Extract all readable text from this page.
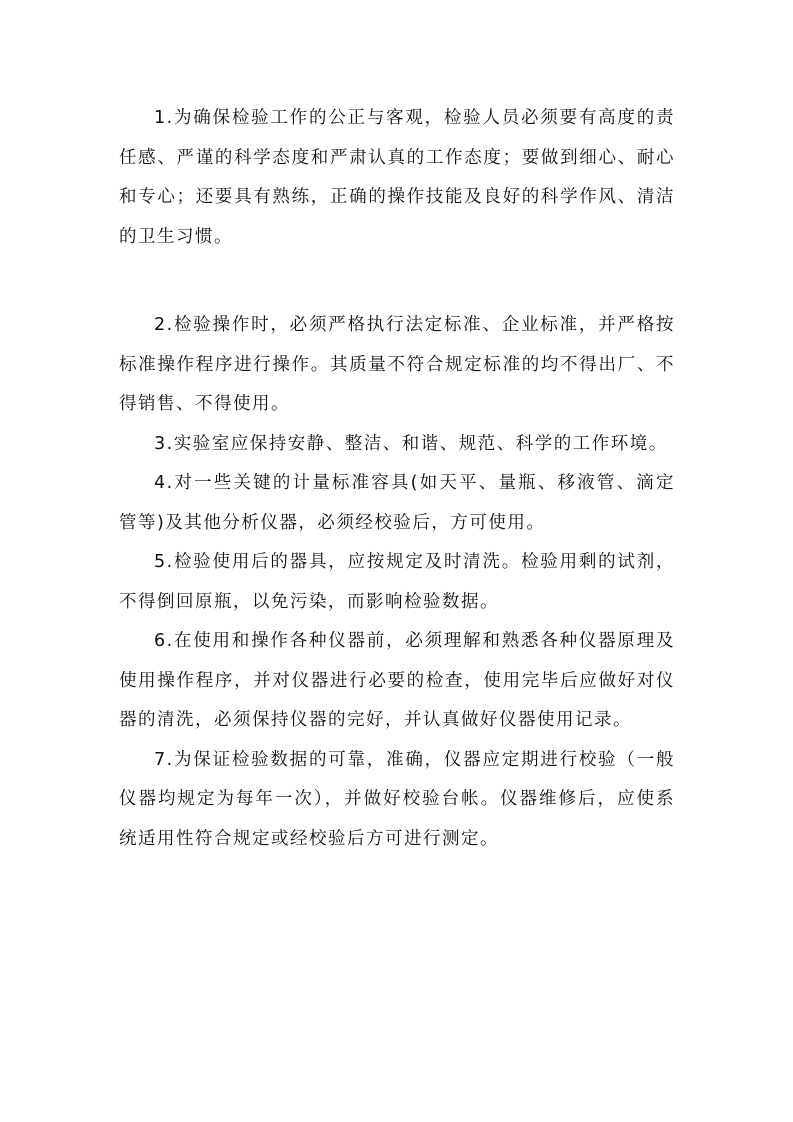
1.为确保检验工作的公正与客观，检验人员必须要有高度的责任感、严谨的科学态度和严肃认真的工作态度；要做到细心、耐心和专心；还要具有熟练，正确的操作技能及良好的科学作风、清洁的卫生习惯。

2.检验操作时，必须严格执行法定标准、企业标准，并严格按标准操作程序进行操作。其质量不符合规定标准的均不得出厂、不得销售、不得使用。

3.实验室应保持安静、整洁、和谐、规范、科学的工作环境。

4.对一些关键的计量标准容具(如天平、量瓶、移液管、滴定管等)及其他分析仪器，必须经校验后，方可使用。

5.检验使用后的器具，应按规定及时清洗。检验用剩的试剂，不得倒回原瓶，以免污染，而影响检验数据。

6.在使用和操作各种仪器前，必须理解和熟悉各种仪器原理及使用操作程序，并对仪器进行必要的检查，使用完毕后应做好对仪器的清洗，必须保持仪器的完好，并认真做好仪器使用记录。

7.为保证检验数据的可靠，准确，仪器应定期进行校验（一般仪器均规定为每年一次），并做好校验台帐。仪器维修后，应使系统适用性符合规定或经校验后方可进行测定。
